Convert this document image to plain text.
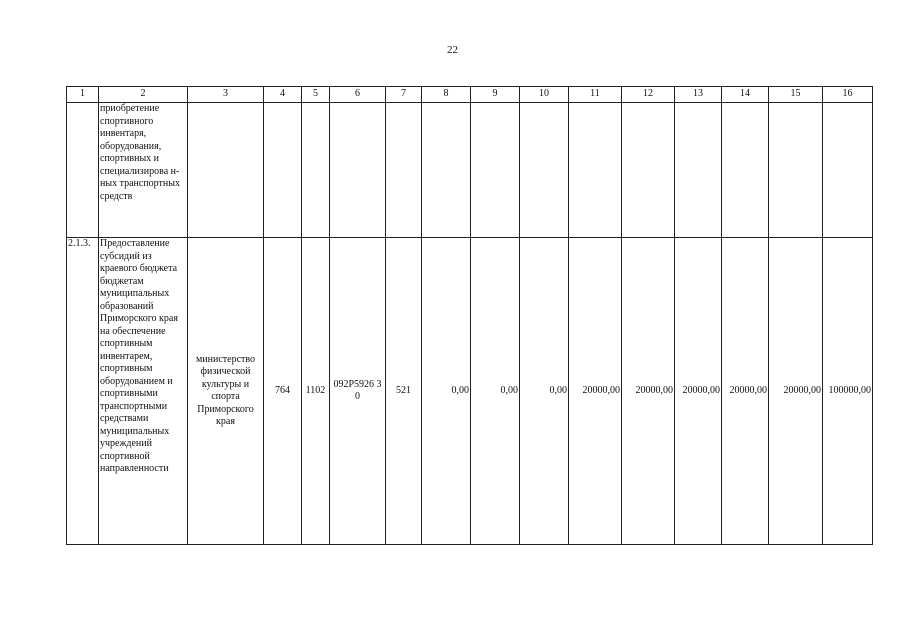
22
1	2	3	4	5	6	7	8	9	10	11	12	13	14	15	16
	приобретение спортивного инвентаря, оборудования, спортивных и специализирова н-ных транспортных средств														
2.1.3.	Предоставление субсидий из краевого бюджета бюджетам муниципальных образований Приморского края на обеспечение спортивным инвентарем, спортивным оборудованием и спортивными транспортными средствами муниципальных учреждений спортивной направленности	министерство физической культуры и спорта Приморского края	764	1102	092P5926 30	521	0,00	0,00	0,00	20000,00	20000,00	20000,00	20000,00	20000,00	100000,00
